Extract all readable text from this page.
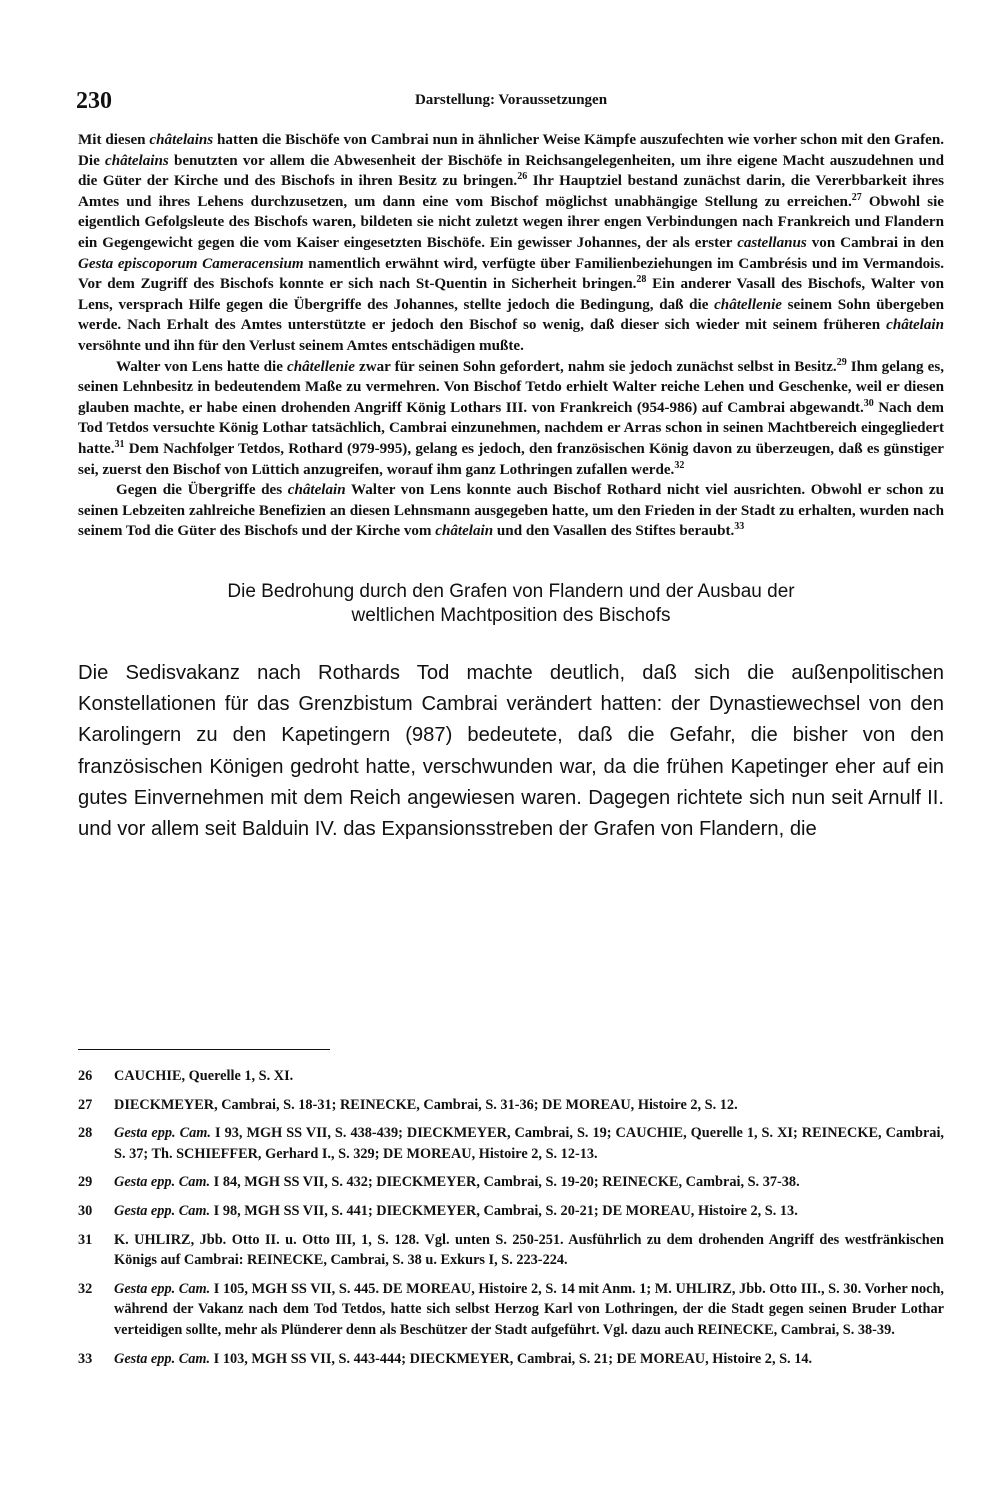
230	Darstellung: Voraussetzungen

Mit diesen châtelains hatten die Bischöfe von Cambrai nun in ähnlicher Weise Kämpfe auszufechten wie vorher schon mit den Grafen. Die châtelains benutzten vor allem die Abwesenheit der Bischöfe in Reichsangelegenheiten, um ihre eigene Macht auszudehnen und die Güter der Kirche und des Bischofs in ihren Besitz zu bringen.$^{26}$ Ihr Hauptziel bestand zunächst darin, die Vererbbarkeit ihres Amtes und ihres Lehens durchzusetzen, um dann eine vom Bischof möglichst unabhängige Stellung zu erreichen.$^{27}$ Obwohl sie eigentlich Gefolgsleute des Bischofs waren, bildeten sie nicht zuletzt wegen ihrer engen Verbindungen nach Frankreich und Flandern ein Gegengewicht gegen die vom Kaiser eingesetzten Bischöfe. Ein gewisser Johannes, der als erster castellanus von Cambrai in den Gesta episcoporum Cameracensium namentlich erwähnt wird, verfügte über Familienbeziehungen im Cambrésis und im Vermandois. Vor dem Zugriff des Bischofs konnte er sich nach St-Quentin in Sicherheit bringen.$^{28}$ Ein anderer Vasall des Bischofs, Walter von Lens, versprach Hilfe gegen die Übergriffe des Johannes, stellte jedoch die Bedingung, daß die châtellenie seinem Sohn übergeben werde. Nach Erhalt des Amtes unterstützte er jedoch den Bischof so wenig, daß dieser sich wieder mit seinem früheren châtelain versöhnte und ihn für den Verlust seinem Amtes entschädigen mußte.

Walter von Lens hatte die châtellenie zwar für seinen Sohn gefordert, nahm sie jedoch zunächst selbst in Besitz.$^{29}$ Ihm gelang es, seinen Lehnbesitz in bedeutendem Maße zu vermehren. Von Bischof Tetdo erhielt Walter reiche Lehen und Geschenke, weil er diesen glauben machte, er habe einen drohenden Angriff König Lothars III. von Frankreich (954-986) auf Cambrai abgewandt.$^{30}$ Nach dem Tod Tetdos versuchte König Lothar tatsächlich, Cambrai einzunehmen, nachdem er Arras schon in seinen Machtbereich eingegliedert hatte.$^{31}$ Dem Nachfolger Tetdos, Rothard (979-995), gelang es jedoch, den französischen König davon zu überzeugen, daß es günstiger sei, zuerst den Bischof von Lüttich anzugreifen, worauf ihm ganz Lothringen zufallen werde.$^{32}$

Gegen die Übergriffe des châtelain Walter von Lens konnte auch Bischof Rothard nicht viel ausrichten. Obwohl er schon zu seinen Lebzeiten zahlreiche Benefizien an diesen Lehnsmann ausgegeben hatte, um den Frieden in der Stadt zu erhalten, wurden nach seinem Tod die Güter des Bischofs und der Kirche vom châtelain und den Vasallen des Stiftes beraubt.$^{33}$

Die Bedrohung durch den Grafen von Flandern und der Ausbau der
weltlichen Machtposition des Bischofs

Die Sedisvakanz nach Rothards Tod machte deutlich, daß sich die außenpolitischen Konstellationen für das Grenzbistum Cambrai verändert hatten: der Dynastiewechsel von den Karolingern zu den Kapetingern (987) bedeutete, daß die Gefahr, die bisher von den französischen Königen gedroht hatte, verschwunden war, da die frühen Kapetinger eher auf ein gutes Einvernehmen mit dem Reich angewiesen waren. Dagegen richtete sich nun seit Arnulf II. und vor allem seit Balduin IV. das Expansionsstreben der Grafen von Flandern, die

26 CAUCHIE, Querelle 1, S. XI.

27 DIECKMEYER, Cambrai, S. 18-31; REINECKE, Cambrai, S. 31-36; DE MOREAU, Histoire 2, S. 12.

28 Gesta epp. Cam. I 93, MGH SS VII, S. 438-439; DIECKMEYER, Cambrai, S. 19; CAUCHIE, Querelle 1, S. XI; REINECKE, Cambrai, S. 37; Th. SCHIEFFER, Gerhard I., S. 329; DE MOREAU, Histoire 2, S. 12-13.

29 Gesta epp. Cam. I 84, MGH SS VII, S. 432; DIECKMEYER, Cambrai, S. 19-20; REINECKE, Cambrai, S. 37-38.

30 Gesta epp. Cam. I 98, MGH SS VII, S. 441; DIECKMEYER, Cambrai, S. 20-21; DE MOREAU, Histoire 2, S. 13.

31 K. UHLIRZ, Jbb. Otto II. u. Otto III, 1, S. 128. Vgl. unten S. 250-251. Ausführlich zu dem drohenden Angriff des westfränkischen Königs auf Cambrai: REINECKE, Cambrai, S. 38 u. Exkurs I, S. 223-224.

32 Gesta epp. Cam. I 105, MGH SS VII, S. 445. DE MOREAU, Histoire 2, S. 14 mit Anm. 1; M. UHLIRZ, Jbb. Otto III., S. 30. Vorher noch, während der Vakanz nach dem Tod Tetdos, hatte sich selbst Herzog Karl von Lothringen, der die Stadt gegen seinen Bruder Lothar verteidigen sollte, mehr als Plünderer denn als Beschützer der Stadt aufgeführt. Vgl. dazu auch REINECKE, Cambrai, S. 38-39.

33 Gesta epp. Cam. I 103, MGH SS VII, S. 443-444; DIECKMEYER, Cambrai, S. 21; DE MOREAU, Histoire 2, S. 14.
